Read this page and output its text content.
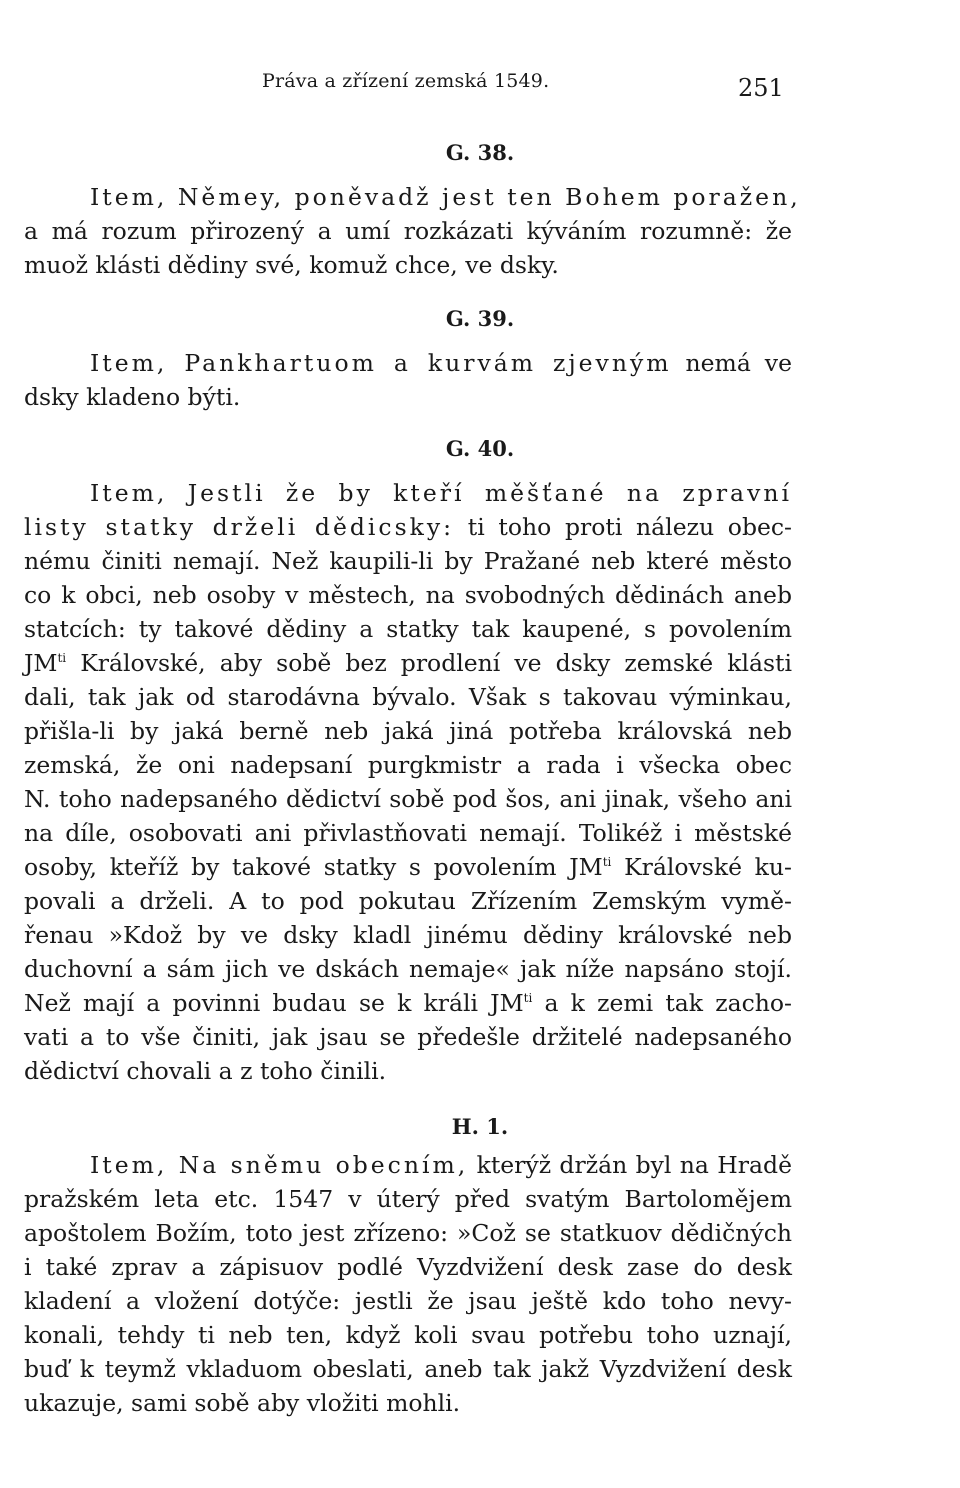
Práva a zřízení zemská 1549.	251
G. 38.
Item, Němey, poněvadž jest ten Bohem poražen,
a má rozum přirozený a umí rozkázati kýváním rozumně: že
muož klásti dědiny své, komuž chce, ve dsky.
G. 39.
Item, Pankhartuom a kurvám zjevným nemá ve
dsky kladeno býti.
G. 40.
Item, Jestli že by kteří měšťané na zpravní
listy statky drželi dědicsky: ti toho proti nálezu obec-
nému činiti nemají. Než kaupili-li by Pražané neb které město
co k obci, neb osoby v městech, na svobodných dědinách aneb
statcích: ty takové dědiny a statky tak kaupené, s povolením
$JM^{ti}$ Královské, aby sobě bez prodlení ve dsky zemské klásti
dali, tak jak od starodávna bývalo. Však s takovau výminkau,
přišla-li by jaká berně neb jaká jiná potřeba královská neb
zemská, že oni nadepsaní purgkmistr a rada i všecka obec
N. toho nadepsaného dědictví sobě pod šos, ani jinak, všeho ani
na díle, osobovati ani přivlastňovati nemají. Tolikéž i městské
osoby, kteříž by takové statky s povolením $JM^{ti}$ Královské ku-
povali a drželi. A to pod pokutau Zřízením Zemským vymě-
řenau »Kdož by ve dsky kladl jinému dědiny královské neb
duchovní a sám jich ve dskách nemaje« jak níže napsáno stojí.
Než mají a povinni budau se k králi $JM^{ti}$ a k zemi tak zacho-
vati a to vše činiti, jak jsau se předešle držitelé nadepsaného
dědictví chovali a z toho činili.
H. 1.
Item, Na sněmu obecním, kterýž držán byl na Hradě
pražském leta etc. 1547 v úterý před svatým Bartolomějem
apoštolem Božím, toto jest zřízeno: »Což se statkuov dědičných
i také zprav a zápisuov podlé Vyzdvižení desk zase do desk
kladení a vložení dotýče: jestli že jsau ještě kdo toho nevy-
konali, tehdy ti neb ten, když koli svau potřebu toho uznají,
buď k teymž vkladuom obeslati, aneb tak jakž Vyzdvižení desk
ukazuje, sami sobě aby vložiti mohli.
